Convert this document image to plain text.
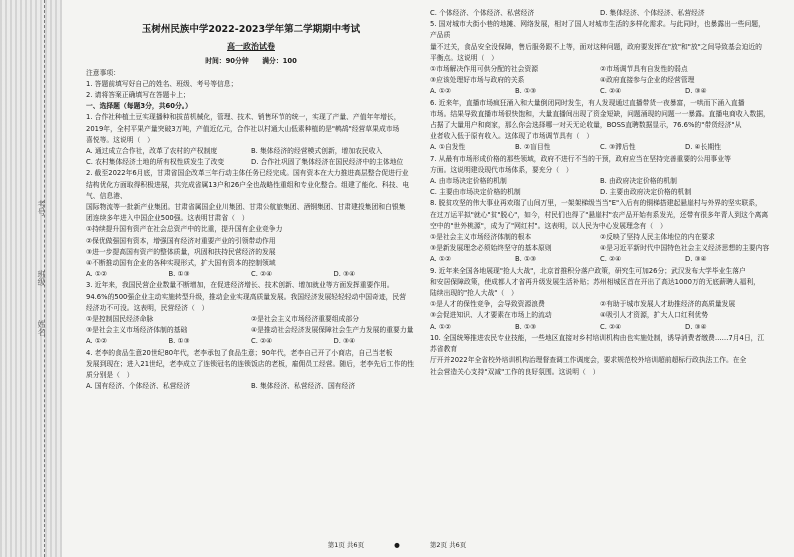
考号
班级
姓名
玉树州民族中学2022-2023学年第二学期期中考试
高一政治试卷
时间：90分钟　　满分：100

注意事项：

1. 答题前填写好自己的姓名、班级、考号等信息；

2. 请将答案正确填写在答题卡上；

一、选择题（每题3分，共60分。）

1. 合作社种植土豆实现播种和拔苗机械化，管理、技术、销售环节的统一，实现了产量、产值年年增长，

2019年，全村平果产量突破3万吨，产值近亿元，合作社以村通大山低素种植的是"鹌鸪"经营草果成市场

喜悦等。这说明（　）

A. 通过成立合作社，改革了农村的产权制度	B. 集体经济的经营模式创新，增加农民收入
C. 农村集体经济土地的所有权性质发生了改变	D. 合作社巩固了集体经济在国民经济中的主体地位

2. 截至2022年6月底，甘肃省国企改革三年行动主体任务已经完成。国有资本在大力推进高层整合促进行业

结构优化方面取得积极进展，共完成省属13户和26户全也战略性重组和专业化整合。组建了能化、科技、电气、信息港、

国际物流等一批新产业集团。甘肃省属国企业川集团、甘肃公航旅集团、酒钢集团、甘肃建投集团和白银集

团连续多年进入中国企业500强。这表明甘肃省（　）

①持续提升国有资产在社会总资产中的比重，提升国有企业竞争力

②保优做强国有资本，增强国有经济对重要产业的引领带动作用

③进一步提高国有资产的整体质量，巩固和扶持民营经济的发展

④不断推动国有企业的各种实现形式，扩大国有资本的控制领域

A. ①②	B. ①③	C. ②④	D. ③④

3. 近年来，我国民营企业数量不断增加，在促进经济增长、技术创新、增加就业等方面发挥重要作用。

94.6%的500强企业主动实施转型升级，推动企业实现高质量发展。我国经济发展轻轻轻动中国奇迹，民营

经济功不可没。这表明，民营经济（　）

①是控制国民经济命脉	②是社会主义市场经济重要组成部分
③是社会主义市场经济体制的基础	④是推动社会经济发展保障社会生产力发展的重要力量
A. ①②	B. ①③	C. ②④	D. ③④

4. 老李的食品生意20世纪80年代，老李承包了食品生意；90年代，老李自己开了小商店，自己当老板

发展到现在；进入21世纪，老李成立了连锁冠名的连锁饭店的老板，雇佣员工经营。随后，老李先后工作的性

质分别是（　）

A. 国有经济、个体经济、私营经济	B. 集体经济、私营经济、国有经济
C. 个体经济、个体经济、私营经济	D. 集体经济、个体经济、私营经济

5. 国对城市大街小巷的地摊、网络发展，相对了国人对城市生活的多样化需求。与此同时，也暴露出一些问题，产品质

量不过关，食品安全没保障，售后服务跟不上等，面对这种问题，政府要发挥在"放"和"放"之间导致基会迫近的

平衡点。这说明（　）

①市场解决作用可供分配的社会资源	②市场调节具有自发性的弱点
③应该处理好市场与政府的关系	④政府直接参与企业的经营管理
A. ①②	B. ①③	C. ②④	D. ③④

6. 近来年，直播市场疯狂涌入和大量倒闭同时发生，有人发现通过直播带货一夜暴富，一哄而下涌入直播

市场。结果导致直播市场很快饱和，大量直播间出现了资金短缺，问题涌现的问题一一暴露。直播电商收入数据，

占据了大量用户和商家，那么你会选择哪一对天无论收量，BOSS直聘数据显示，76.6%的"带货经济"从

业者收入低于原有收入。这体现了市场调节具有（　）

A. ①自发性	B. ②盲目性	C. ③滞后性	D. ④长期性

7. 从最有市场形成价格的那些领域，政府不进行不当的干预，政府应当在坚持完善重要的公用事业等

方面。这说明建设现代市场体系，要充分（　）

A. 由市场决定价格的机制	B. 由政府决定价格的机制
C. 主要由市场决定价格的机制	D. 主要由政府决定价格的机制

8. 脱贫攻坚的伟大事业再欢瑞了山间万里，一架架梯级当当"E"入后有的铜梯搭建起悬崖村与外界的坚实联系，

在过万运平拟"就心"贫"脱心"，如今，村民们也得了"悬崖村"农产品开始有系发光，还带有很多年青人到这个离离

空中的"世外桃源"，成为了"网红村"。这表明，以人民为中心发展理念有（　）

①是社会主义市场经济体制的根本	②反映了坚持人民主体地位的内在要求
③是新发展理念必须始终坚守的基本原则	④是习近平新时代中国特色社会主义经济思想的主要内容
A. ①②	B. ①③	C. ②④	D. ③④

9. 近年来全国各地展现"抢人大战"，北京首推积分落户政策，研究生可加26分；武汉发布大学毕业生落户

和安居保障政策，使成都人才省再升级发展生活补贴；苏州相城区首在开出了高达1000万的无底薪聘人福利，

陆续出现的"抢人大战"（　）

①是人才的保性竞争，会导致资源浪费	②有助于城市发展人才助推经济的高质量发展
③会促进知识、人才要素在市场上的流动	④吸引人才资源，扩大人口红利优势
A. ①②	B. ①③	C. ②④	D. ③④

10. 全国统筹推进农民专业技能，一些地区直接对乡村培训机构由也实施处制，诱导消费者缴费……7月4日，江苏省教育

厅开并2022年全省校外培训机构治理督查调工作调度会，要求规范校外培训超前超标行政执法工作。在全

社会营造关心支持"双减"工作的良好氛围。这说明（　）

第1页 共6页	●	第2页 共6页
